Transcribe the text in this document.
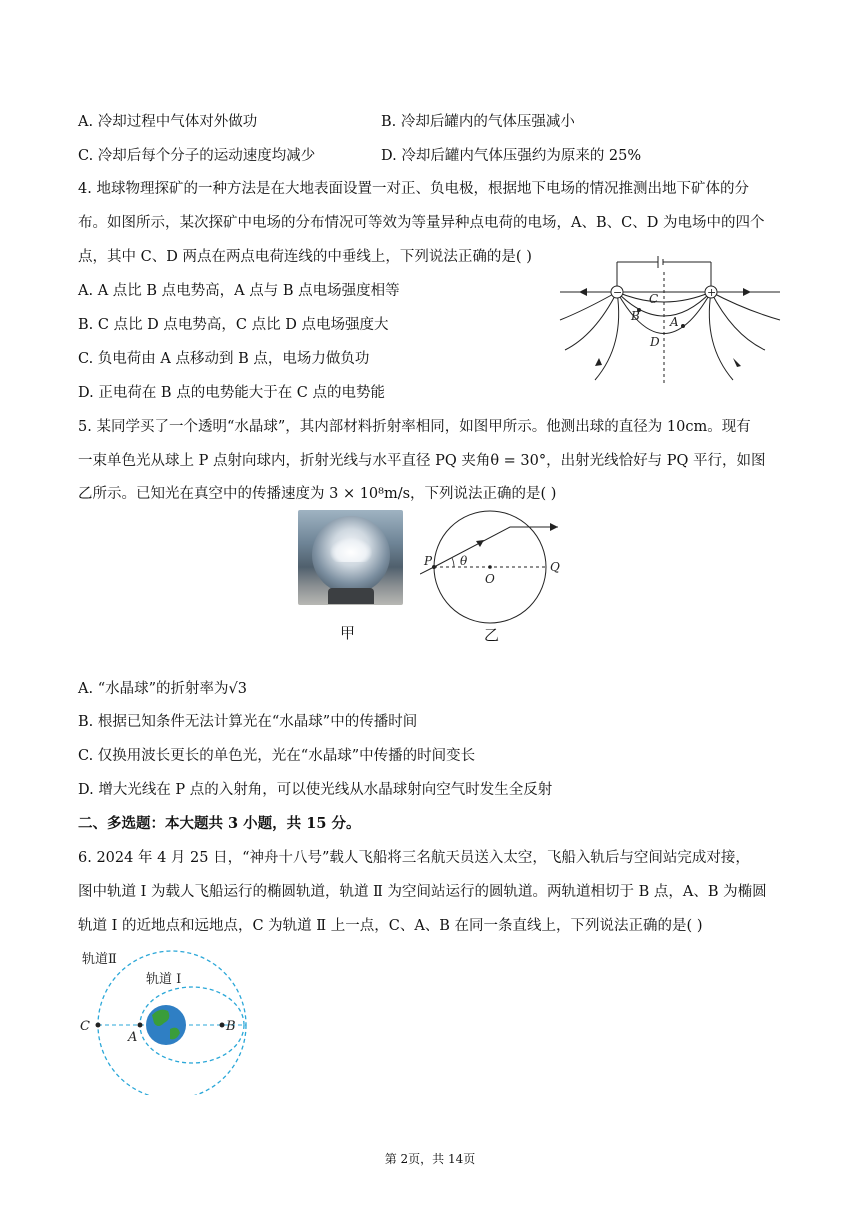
A. 冷却过程中气体对外做功	B. 冷却后罐内的气体压强减小
C. 冷却后每个分子的运动速度均减少	D. 冷却后罐内气体压强约为原来的 25%
4. 地球物理探矿的一种方法是在大地表面设置一对正、负电极，根据地下电场的情况推测出地下矿体的分
布。如图所示，某次探矿中电场的分布情况可等效为等量异种点电荷的电场，A、B、C、D 为电场中的四个
点，其中 C、D 两点在两点电荷连线的中垂线上，下列说法正确的是( )
A. A 点比 B 点电势高，A 点与 B 点电场强度相等
B. C 点比 D 点电势高，C 点比 D 点电场强度大
C. 负电荷由 A 点移动到 B 点，电场力做负功
D. 正电荷在 B 点的电势能大于在 C 点的电势能
−	+
C
B	A
D
5. 某同学买了一个透明“水晶球”，其内部材料折射率相同，如图甲所示。他测出球的直径为 10cm。现有
一束单色光从球上 P 点射向球内，折射光线与水平直径 PQ 夹角θ = 30°，出射光线恰好与 PQ 平行，如图
乙所示。已知光在真空中的传播速度为 3 × 10⁸m/s，下列说法正确的是( )
甲
P θ
O
Q
乙
A. “水晶球”的折射率为√3
B. 根据已知条件无法计算光在“水晶球”中的传播时间
C. 仅换用波长更长的单色光，光在“水晶球”中传播的时间变长
D. 增大光线在 P 点的入射角，可以使光线从水晶球射向空气时发生全反射
二、多选题：本大题共 3 小题，共 15 分。
6. 2024 年 4 月 25 日，“神舟十八号”载人飞船将三名航天员送入太空，飞船入轨后与空间站完成对接，
图中轨道 Ⅰ 为载人飞船运行的椭圆轨道，轨道 Ⅱ 为空间站运行的圆轨道。两轨道相切于 B 点，A、B 为椭圆
轨道 Ⅰ 的近地点和远地点，C 为轨道 Ⅱ 上一点，C、A、B 在同一条直线上，下列说法正确的是( )
轨道Ⅱ
轨道 Ⅰ
C
A
B
第 2页，共 14页
